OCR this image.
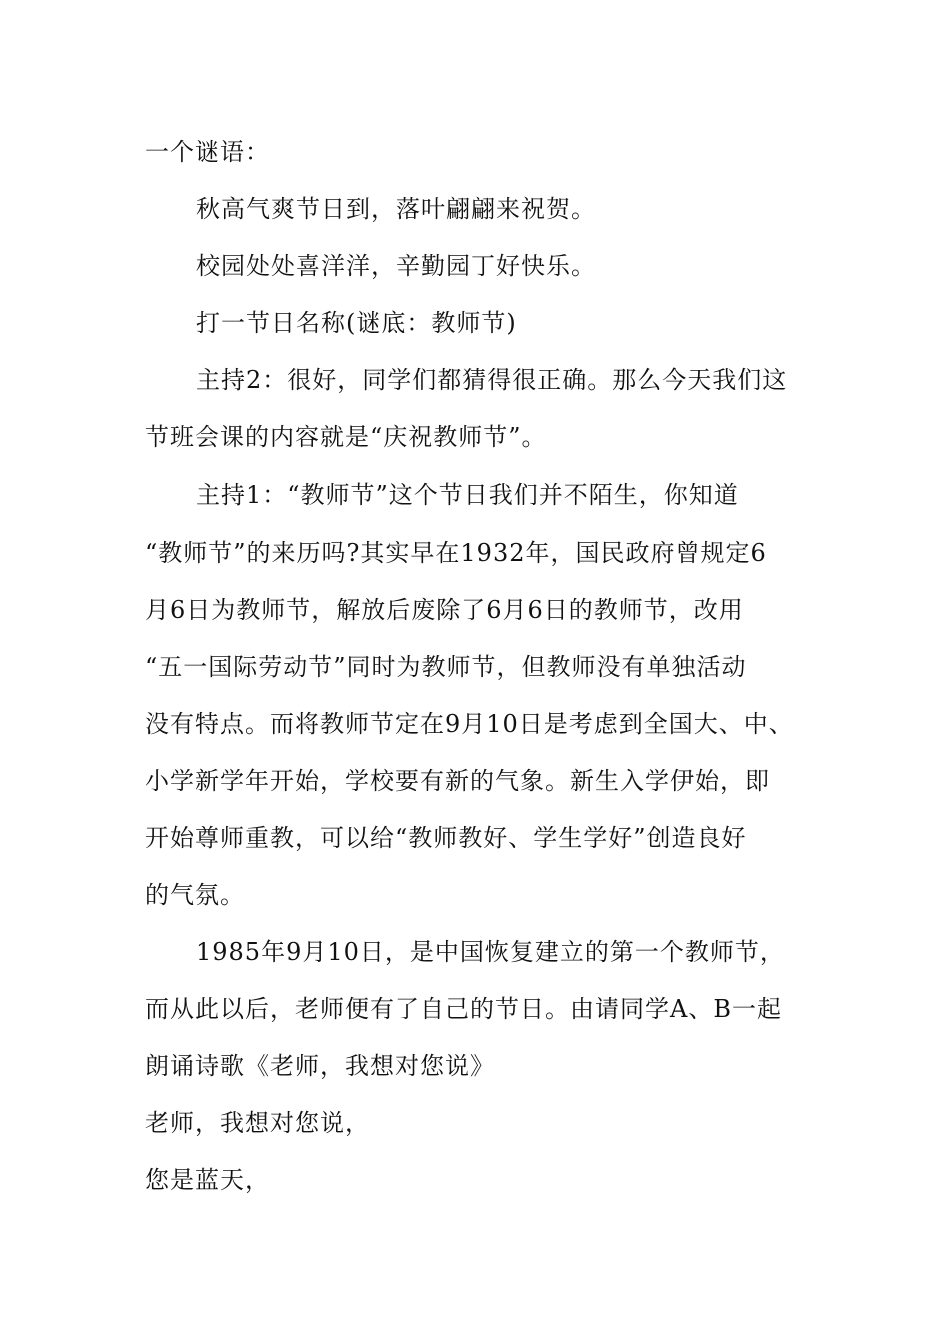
一个谜语：
秋高气爽节日到，落叶翩翩来祝贺。
校园处处喜洋洋，辛勤园丁好快乐。
打一节日名称(谜底：教师节)
主持2：很好，同学们都猜得很正确。那么今天我们这
节班会课的内容就是“庆祝教师节”。
主持1：“教师节”这个节日我们并不陌生，你知道
“教师节”的来历吗?其实早在1932年，国民政府曾规定6
月6日为教师节，解放后废除了6月6日的教师节，改用
“五一国际劳动节”同时为教师节，但教师没有单独活动
没有特点。而将教师节定在9月10日是考虑到全国大、中、
小学新学年开始，学校要有新的气象。新生入学伊始，即
开始尊师重教，可以给“教师教好、学生学好”创造良好
的气氛。
1985年9月10日，是中国恢复建立的第一个教师节，
而从此以后，老师便有了自己的节日。由请同学A、B一起
朗诵诗歌《老师，我想对您说》
老师，我想对您说，
您是蓝天，
